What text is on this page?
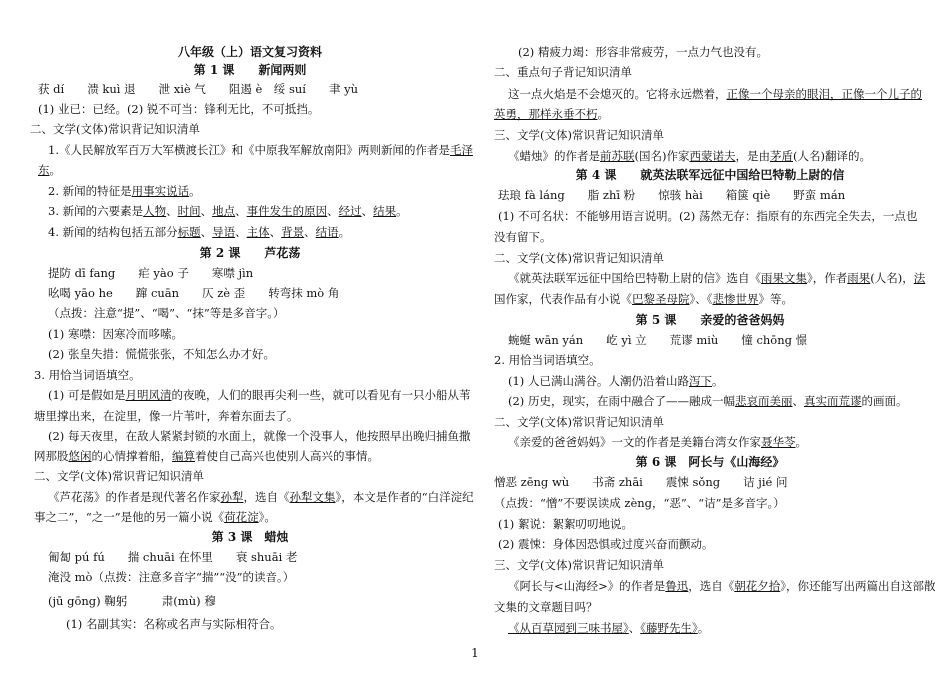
八年级（上）语文复习资料
第 1 课　　新闻两则
获 dí　　溃 kuì 退　　泄 xiè 气　　阻遏 è　绥 suí　　聿 yù
(1) 业已：已经。(2) 锐不可当：锋利无比，不可抵挡。
二、文学(文体)常识背记知识清单
1.《人民解放军百万大军横渡长江》和《中原我军解放南阳》两则新闻的作者是毛泽
东。
2. 新闻的特征是用事实说话。
3. 新闻的六要素是人物、时间、地点、事件发生的原因、经过、结果。
4. 新闻的结构包括五部分标题、导语、主体、背景、结语。
第 2 课　　芦花荡
提防 dī fang　　疟 yào 子　　寒噤 jìn
吆喝 yāo he　　蹿 cuān　　仄 zè 歪　　转弯抹 mò 角
（点拨：注意“提”、“喝”、“抹”等是多音字。）
(1) 寒噤：因寒冷而哆嗦。
(2) 张皇失措：慌慌张张，不知怎么办才好。
3. 用恰当词语填空。
(1) 可是假如是月明风清的夜晚，人们的眼再尖利一些，就可以看见有一只小船从苇
塘里撑出来，在淀里，像一片苇叶，奔着东面去了。
(2) 每天夜里，在敌人紧紧封锁的水面上，就像一个没事人，他按照早出晚归捕鱼撒
网那股悠闲的心情撑着船，编算着使自己高兴也使别人高兴的事情。
二、文学(文体)常识背记知识清单
《芦花荡》的作者是现代著名作家孙犁，选自《孙犁文集》，本文是作者的“白洋淀纪
事之二”，“之一”是他的另一篇小说《荷花淀》。
第 3 课　蜡烛
匍匐 pú fú　　揣 chuāi 在怀里　　衰 shuāi 老
淹没 mò（点拨：注意多音字“揣”“没”的读音。）
(jū gōng) 鞠躬　　　肃(mù) 穆
(1) 名副其实：名称或名声与实际相符合。
(2) 精疲力竭：形容非常疲劳，一点力气也没有。
二、重点句子背记知识清单
这一点火焰是不会熄灭的。它将永远燃着，正像一个母亲的眼泪，正像一个儿子的
英勇，那样永垂不朽。
三、文学(文体)常识背记知识清单
《蜡烛》的作者是前苏联(国名)作家西蒙诺夫，是由茅盾(人名)翻译的。
第 4 课　　就英法联军远征中国给巴特勒上尉的信
珐琅 fà láng　　脂 zhī 粉　　惊骇 hài　　箱箧 qiè　　野蛮 mán
(1) 不可名状：不能够用语言说明。(2) 荡然无存：指原有的东西完全失去，一点也
没有留下。
二、文学(文体)常识背记知识清单
《就英法联军远征中国给巴特勒上尉的信》选自《雨果文集》，作者雨果(人名)，法
国作家，代表作品有小说《巴黎圣母院》、《悲惨世界》等。
第 5 课　　亲爱的爸爸妈妈
蜿蜒 wān yán　　屹 yì 立　　荒谬 miù　　憧 chōng 憬
2. 用恰当词语填空。
(1) 人已满山满谷。人潮仍沿着山路泻下。
(2) 历史，现实，在雨中融合了——融成一幅悲哀而美丽、真实而荒谬的画面。
二、文学(文体)常识背记知识清单
《亲爱的爸爸妈妈》一文的作者是美籍台湾女作家聂华苓。
第 6 课　阿长与《山海经》
憎恶 zēng wù　　书斋 zhāi　　震悚 sǒng　　诘 jié 问
（点拨：“憎”不要误读成 zèng，“恶”、“诘”是多音字。）
(1) 絮说：絮絮叨叨地说。
(2) 震悚：身体因恐惧或过度兴奋而颤动。
三、文学(文体)常识背记知识清单
《阿长与<山海经>》的作者是鲁迅，选自《朝花夕拾》，你还能写出两篇出自这部散
文集的文章题目吗？
《从百草园到三味书屋》、《藤野先生》。
1
